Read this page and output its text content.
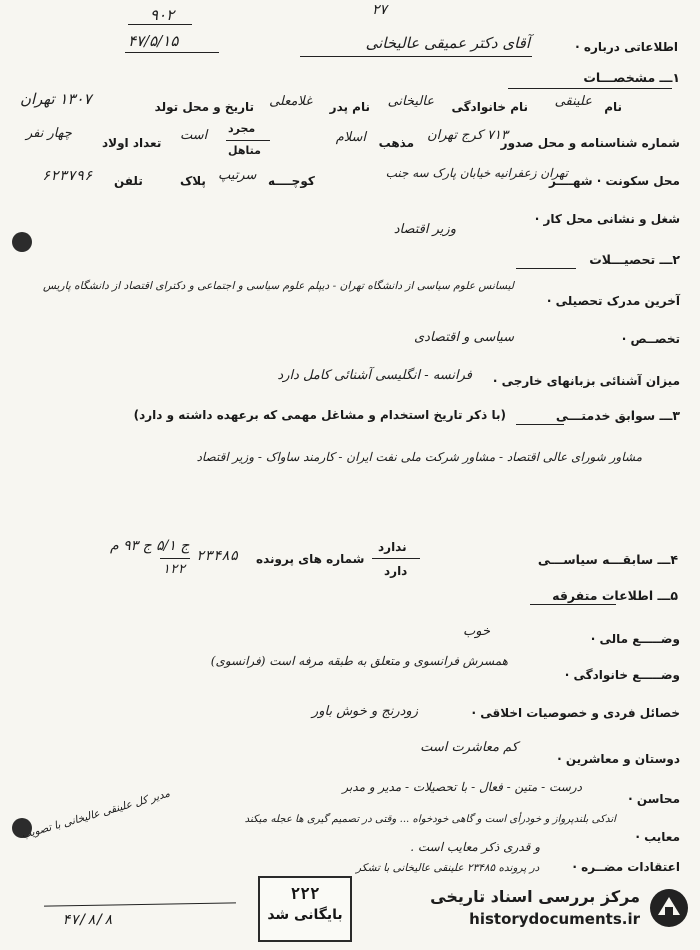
۹۰۲
۴۷/۵/۱۵
۲۷
اطلاعاتی درباره ·
آقای دکتر عمیقی عالیخانی
۱ـــ مشخصـــات
نام
علینقی
نام خانوادگی
عالیخانی
نام پدر
غلامعلی
تاریخ و محل تولد
۱۳۰۷ تهران
شماره شناسنامه و محل صدور
۷۱۳ کرج تهران
مذهب
اسلام
مجرد
متاهل
است
تعداد اولاد
چهار نفر
محل سکونت · شهــــر
تهران زعفرانیه خیابان پارک سه جنب
کوچــــه
سرتیپ
پلاک
تلفن
۶۲۳۷۹۶
شغل و نشانی محل کار ·
وزیر اقتصاد
۲ـــ تحصیـــلات
آخرین مدرک تحصیلی ·
لیسانس علوم سیاسی از دانشگاه تهران - دیپلم علوم سیاسی و اجتماعی و دکترای اقتصاد از دانشگاه پاریس
تخصــص ·
سیاسی و اقتصادی
میزان آشنائی بزبانهای خارجی ·
فرانسه - انگلیسی آشنائی کامل دارد
۳ـــ سوابق خدمتـــی
(با ذکر تاریخ استخدام و مشاغل مهمی که برعهده داشته و دارد)
مشاور شورای عالی اقتصاد - مشاور شرکت ملی نفت ایران - کارمند ساواک - وزیر اقتصاد
۴ـــ سابقـــه سیاســـی
ندارد
دارد
شماره های پرونده
۲۳۴۸۵
ج ۵/۱ ج ۹۳ م
۱۲۲
۵ـــ اطلاعات متفرقه
وضـــــع مالی ·
خوب
وضـــــع خانوادگی ·
همسرش فرانسوی و متعلق به طبقه مرفه است (فرانسوی)
خصائل فردی و خصوصیات اخلاقی ·
زودرنج و خوش باور
دوستان و معاشرین ·
کم معاشرت است
محاسن ·
درست - متین - فعال - با تحصیلات - مدیر و مدبر
معایب ·
اندکی بلندپرواز و خودرأی است و گاهی خودخواه ... وقتی در تصمیم گیری ها عجله میکند
و قدری ذکر معایب است .
اعتقادات مضــره ·
مدیر کل علینقی عالیخانی با تصویب
در پرونده ۲۳۴۸۵ علینقی عالیخانی با تشکر
۴۷/۸/۸
۲۲۲
بایگانی شد
مرکز بررسی اسناد تاریخی
historydocuments.ir
